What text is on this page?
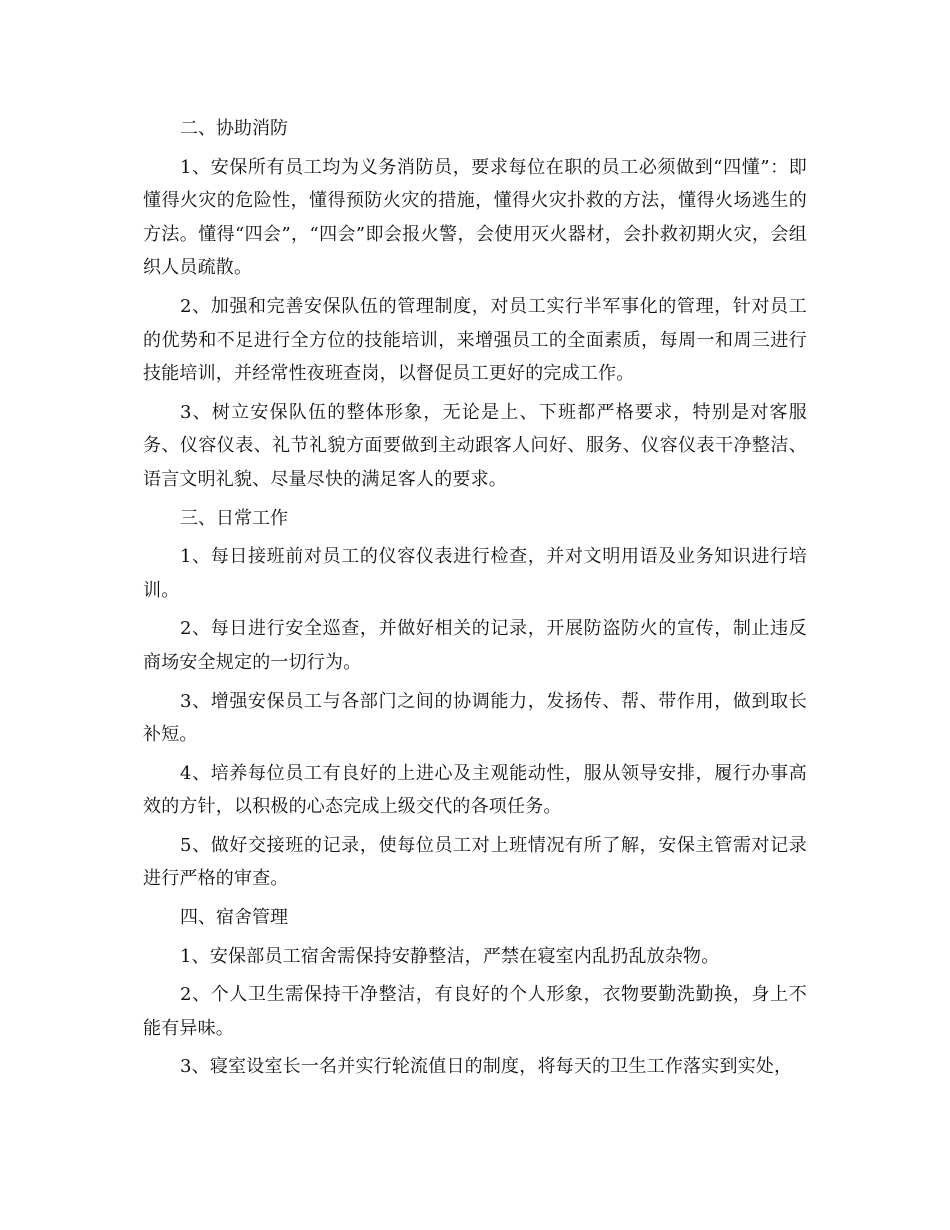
二、协助消防

1、安保所有员工均为义务消防员，要求每位在职的员工必须做到“四懂”：即懂得火灾的危险性，懂得预防火灾的措施，懂得火灾扑救的方法，懂得火场逃生的方法。懂得“四会”，“四会”即会报火警，会使用灭火器材，会扑救初期火灾，会组织人员疏散。

2、加强和完善安保队伍的管理制度，对员工实行半军事化的管理，针对员工的优势和不足进行全方位的技能培训，来增强员工的全面素质，每周一和周三进行技能培训，并经常性夜班查岗，以督促员工更好的完成工作。

3、树立安保队伍的整体形象，无论是上、下班都严格要求，特别是对客服务、仪容仪表、礼节礼貌方面要做到主动跟客人问好、服务、仪容仪表干净整洁、语言文明礼貌、尽量尽快的满足客人的要求。

三、日常工作

1、每日接班前对员工的仪容仪表进行检查，并对文明用语及业务知识进行培训。

2、每日进行安全巡查，并做好相关的记录，开展防盗防火的宣传，制止违反商场安全规定的一切行为。

3、增强安保员工与各部门之间的协调能力，发扬传、帮、带作用，做到取长补短。

4、培养每位员工有良好的上进心及主观能动性，服从领导安排，履行办事高效的方针，以积极的心态完成上级交代的各项任务。

5、做好交接班的记录，使每位员工对上班情况有所了解，安保主管需对记录进行严格的审查。

四、宿舍管理

1、安保部员工宿舍需保持安静整洁，严禁在寝室内乱扔乱放杂物。

2、个人卫生需保持干净整洁，有良好的个人形象，衣物要勤洗勤换，身上不能有异味。

3、寝室设室长一名并实行轮流值日的制度，将每天的卫生工作落实到实处，
